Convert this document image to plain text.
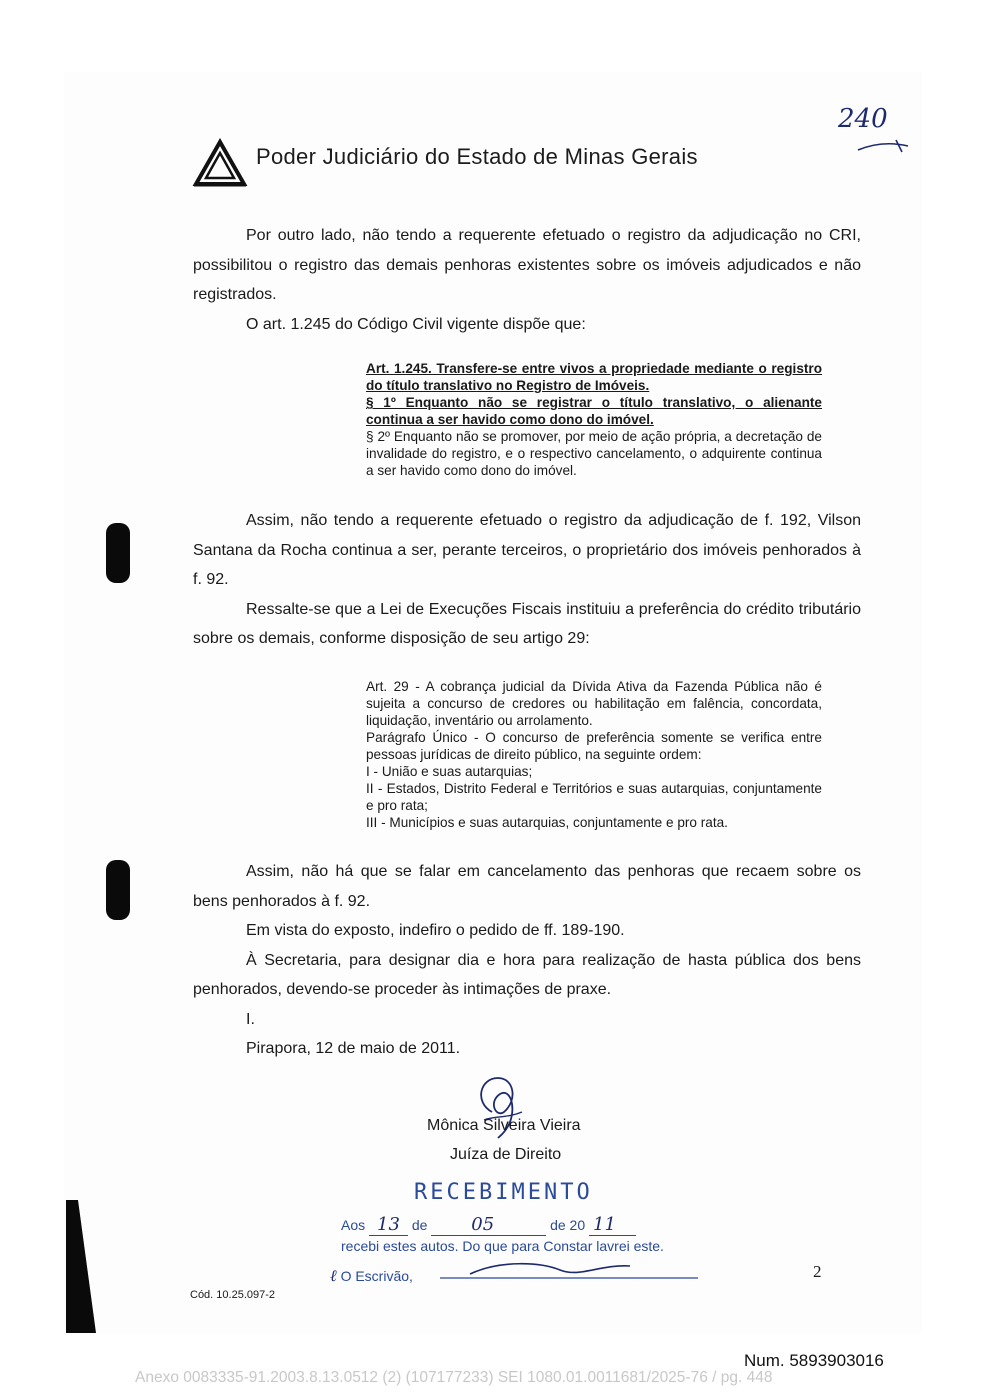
Poder Judiciário do Estado de Minas Gerais
240

Por outro lado, não tendo a requerente efetuado o registro da adjudicação no CRI, possibilitou o registro das demais penhoras existentes sobre os imóveis adjudicados e não registrados.

O art. 1.245 do Código Civil vigente dispõe que:

Art. 1.245. Transfere-se entre vivos a propriedade mediante o registro do título translativo no Registro de Imóveis.

§ 1º Enquanto não se registrar o título translativo, o alienante continua a ser havido como dono do imóvel.

§ 2º Enquanto não se promover, por meio de ação própria, a decretação de invalidade do registro, e o respectivo cancelamento, o adquirente continua a ser havido como dono do imóvel.

Assim, não tendo a requerente efetuado o registro da adjudicação de f. 192, Vilson Santana da Rocha continua a ser, perante terceiros, o proprietário dos imóveis penhorados à f. 92.

Ressalte-se que a Lei de Execuções Fiscais instituiu a preferência do crédito tributário sobre os demais, conforme disposição de seu artigo 29:

Art. 29 - A cobrança judicial da Dívida Ativa da Fazenda Pública não é sujeita a concurso de credores ou habilitação em falência, concordata, liquidação, inventário ou arrolamento.

Parágrafo Único - O concurso de preferência somente se verifica entre pessoas jurídicas de direito público, na seguinte ordem:

I - União e suas autarquias;

II - Estados, Distrito Federal e Territórios e suas autarquias, conjuntamente e pro rata;

III - Municípios e suas autarquias, conjuntamente e pro rata.

Assim, não há que se falar em cancelamento das penhoras que recaem sobre os bens penhorados à f. 92.

Em vista do exposto, indefiro o pedido de ff. 189-190.

À Secretaria, para designar dia e hora para realização de hasta pública dos bens penhorados, devendo-se proceder às intimações de praxe.

I.

Pirapora, 12 de maio de 2011.

Mônica Silveira Vieira
Juíza de Direito
RECEBIMENTO
Aos 13 de 05	de 20 11
recebi estes autos. Do que para Constar lavrei este.
ℓ O Escrivão,
Cód. 10.25.097-2
2
Num. 5893903016
Anexo 0083335-91.2003.8.13.0512 (2) (107177233) SEI 1080.01.0011681/2025-76 / pg. 448
